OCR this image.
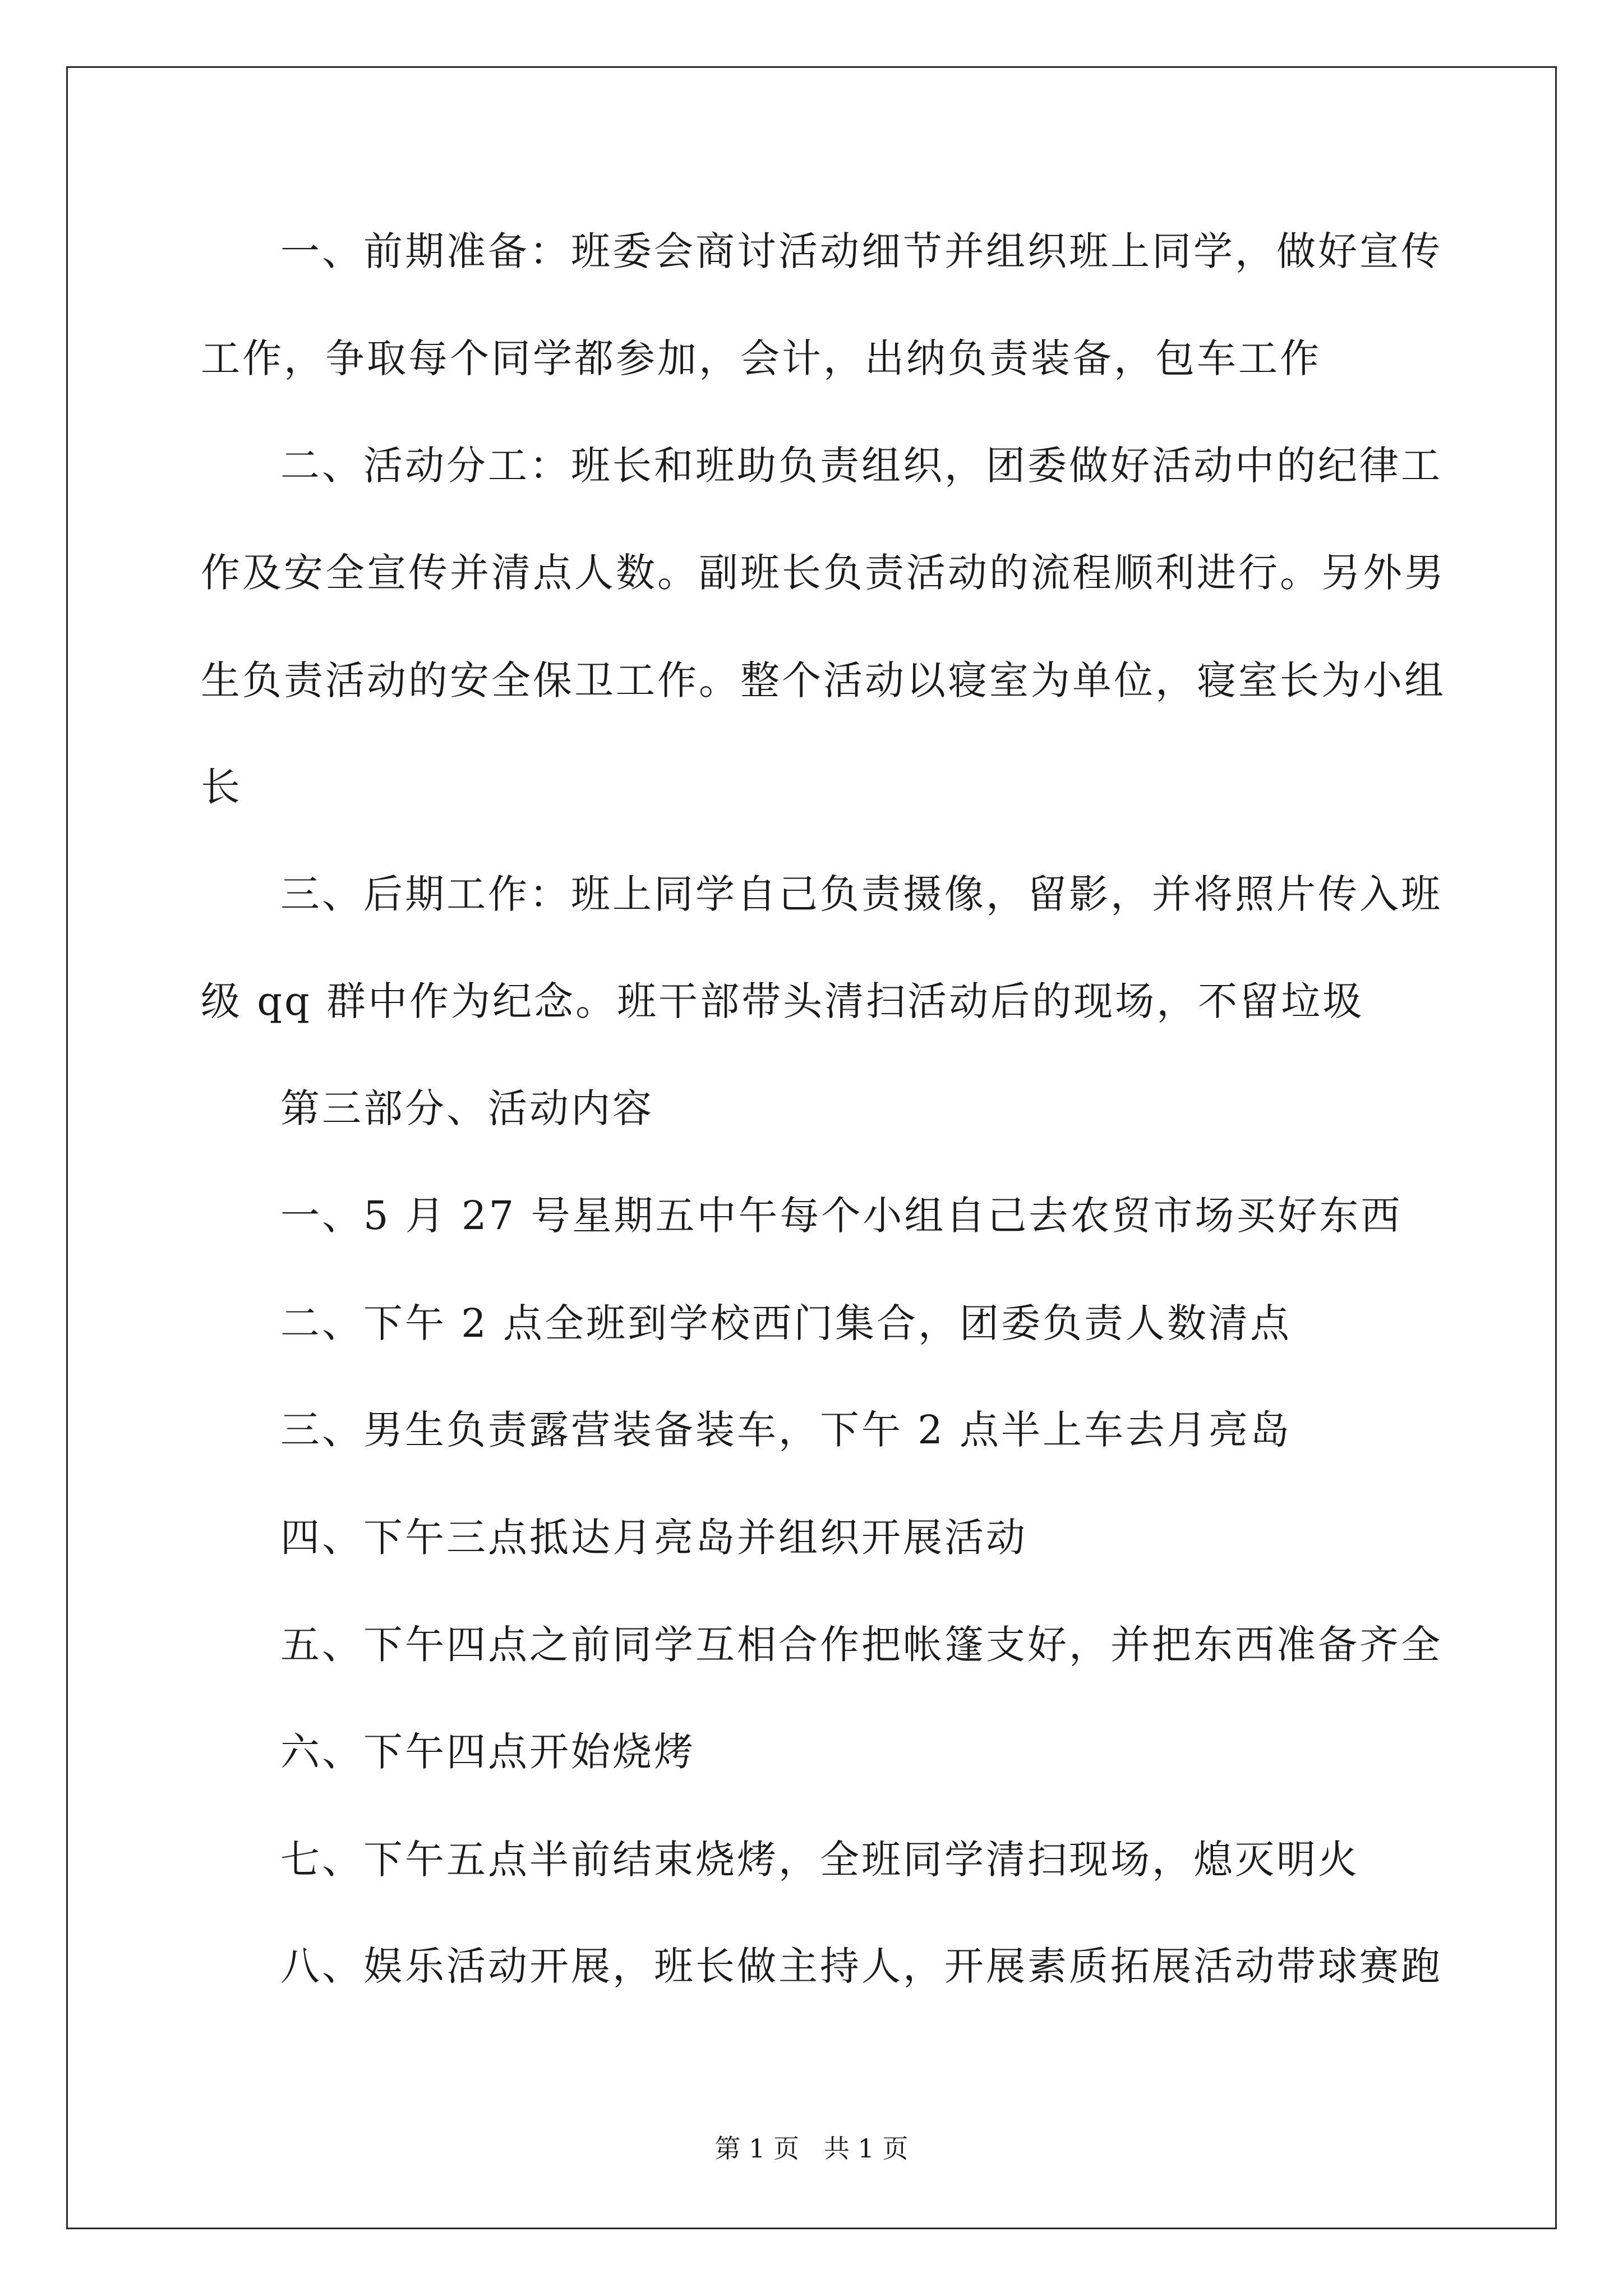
一、前期准备：班委会商讨活动细节并组织班上同学，做好宣传
工作，争取每个同学都参加，会计，出纳负责装备，包车工作
二、活动分工：班长和班助负责组织，团委做好活动中的纪律工
作及安全宣传并清点人数。副班长负责活动的流程顺利进行。另外男
生负责活动的安全保卫工作。整个活动以寝室为单位，寝室长为小组
长
三、后期工作：班上同学自己负责摄像，留影，并将照片传入班
级 qq 群中作为纪念。班干部带头清扫活动后的现场，不留垃圾
第三部分、活动内容
一、5 月 27 号星期五中午每个小组自己去农贸市场买好东西
二、下午 2 点全班到学校西门集合，团委负责人数清点
三、男生负责露营装备装车，下午 2 点半上车去月亮岛
四、下午三点抵达月亮岛并组织开展活动
五、下午四点之前同学互相合作把帐篷支好，并把东西准备齐全
六、下午四点开始烧烤
七、下午五点半前结束烧烤，全班同学清扫现场，熄灭明火
八、娱乐活动开展，班长做主持人，开展素质拓展活动带球赛跑
第 1 页   共 1 页
